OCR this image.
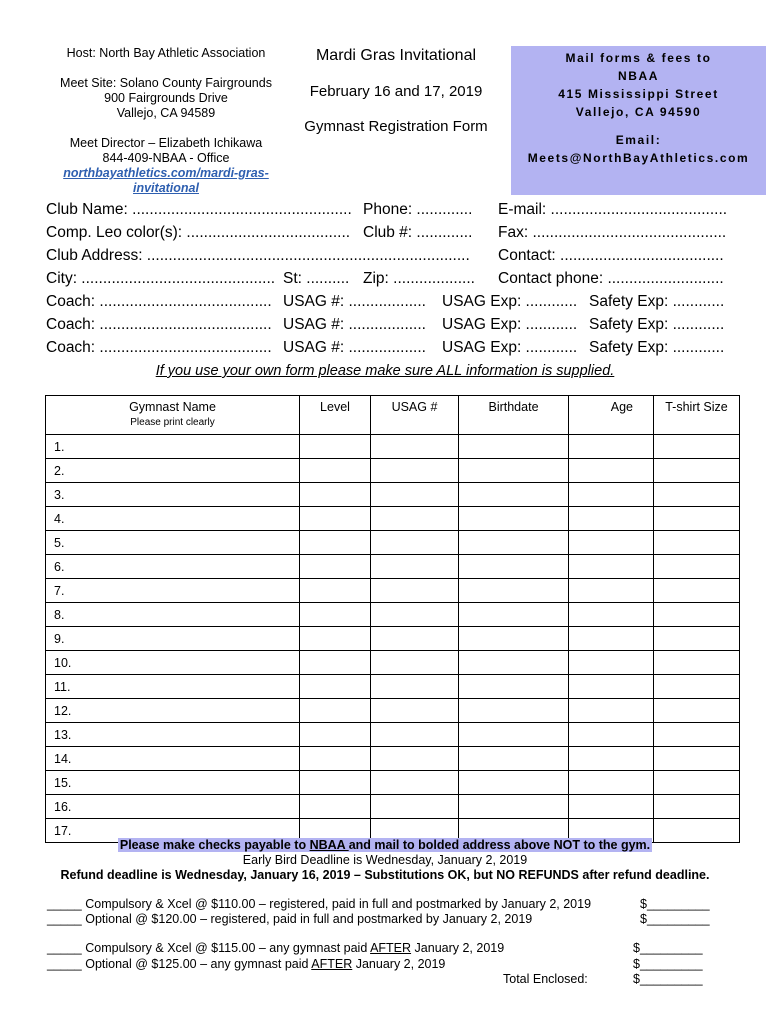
Host: North Bay Athletic Association
Meet Site: Solano County Fairgrounds
900 Fairgrounds Drive
Vallejo, CA 94589
Meet Director – Elizabeth Ichikawa
844-409-NBAA - Office
northbayathletics.com/mardi-gras-
invitational
Mardi Gras Invitational
February 16 and 17, 2019
Gymnast Registration Form
Mail forms & fees to
NBAA
415 Mississippi Street
Vallejo, CA 94590
Email:
Meets@NorthBayAthletics.com
Club Name: ................................................... Phone: ............. E-mail: .........................................
Comp. Leo color(s): ...................................... Club #: ............. Fax: .............................................
Club Address: ........................................................................... Contact: ......................................
City: ............................................. St: .......... Zip: ................... Contact phone: ...........................
Coach: ........................................ USAG #: .................. USAG Exp: ............ Safety Exp: ............
Coach: ........................................ USAG #: .................. USAG Exp: ............ Safety Exp: ............
Coach: ........................................ USAG #: .................. USAG Exp: ............ Safety Exp: ............
If you use your own form please make sure ALL information is supplied.
Gymnast Name
Please print clearly	Level	USAG #	Birthdate	Age	T-shirt Size
1.					
2.					
3.					
4.					
5.					
6.					
7.					
8.					
9.					
10.					
11.					
12.					
13.					
14.					
15.					
16.					
17.					
Please make checks payable to NBAA and mail to bolded address above NOT to the gym.
Early Bird Deadline is Wednesday, January 2, 2019
Refund deadline is Wednesday, January 16, 2019 – Substitutions OK, but NO REFUNDS after refund deadline.
_____ Compulsory & Xcel @ $110.00 – registered, paid in full and postmarked by January 2, 2019	$_________
_____ Optional @ $120.00 – registered, paid in full and postmarked by January 2, 2019	$_________
_____ Compulsory & Xcel @ $115.00 – any gymnast paid AFTER January 2, 2019	$_________
_____ Optional @ $125.00 – any gymnast paid AFTER January 2, 2019	$_________
Total Enclosed:	$_________
